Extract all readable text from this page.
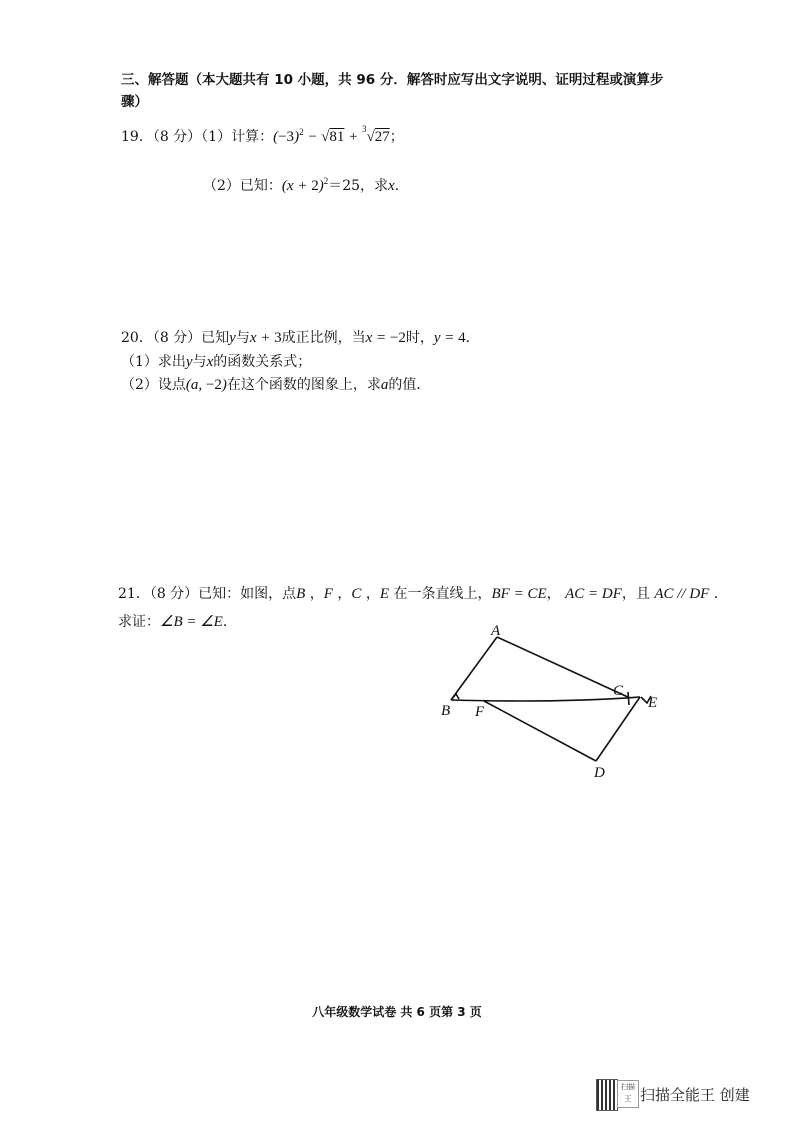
三、解答题（本大题共有 10 小题，共 96 分．解答时应写出文字说明、证明过程或演算步
骤）
19．（8 分）（1）计算：$(-3)^2 - √81 + ^3√27$；
（2）已知：$(x + 2)^2=25$，求x．
20．（8 分）已知y与x + 3成正比例，当x = −2时，y = 4．
（1）求出y与x的函数关系式；
（2）设点(a, −2)在这个函数的图象上，求a的值．
21．（8 分）已知：如图，点B ，F ，C ，E 在一条直线上，BF = CE， AC = DF，且 AC // DF ．
求证：∠B = ∠E．
A
B
C
D
E
F
八年级数学试卷 共 6 页第 3 页
扫描王 扫描全能王 创建
